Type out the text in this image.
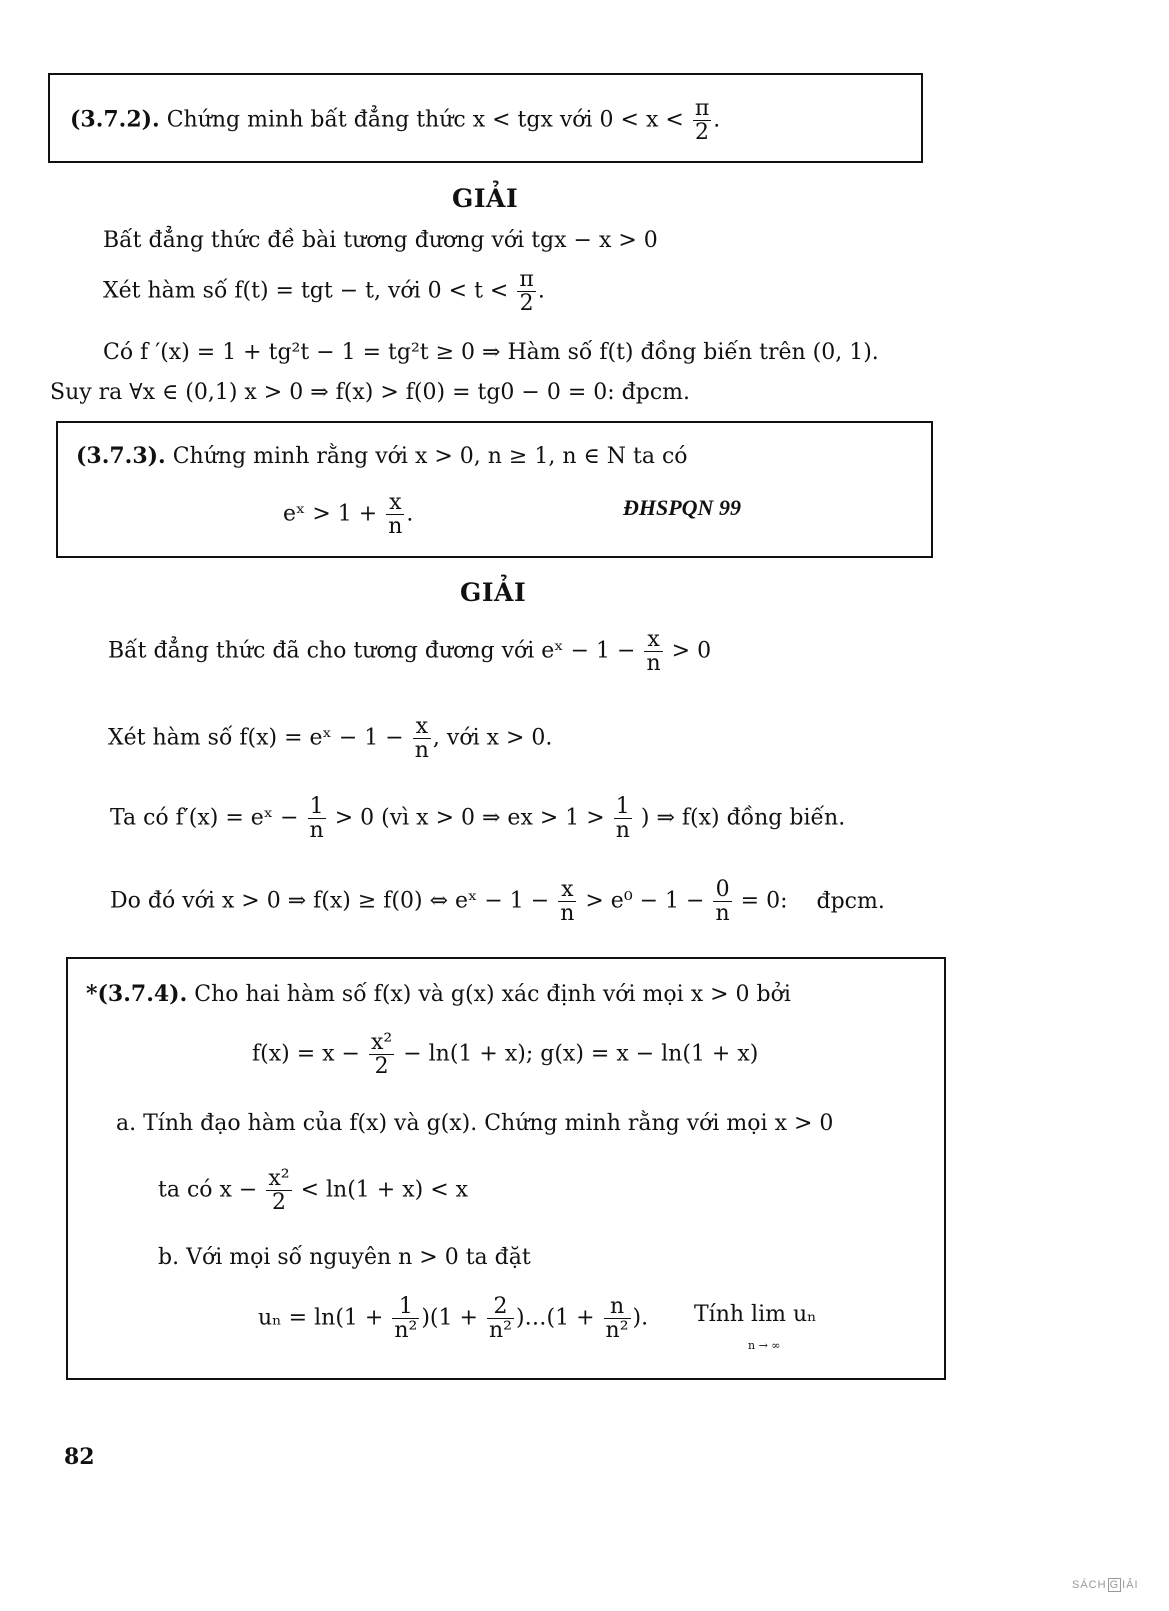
(3.7.2). Chứng minh bất đẳng thức x < tgx với $0 < x < \frac{\pi}{2}$ .
GIẢI
Bất đẳng thức đề bài tương đương với tgx − x > 0
Xét hàm số f(t) = tgt − t, với $0 < t < \frac{\pi}{2}$ .
Có f ′(x) = 1 + tg²t − 1 = tg²t ≥ 0 ⇒ Hàm số f(t) đồng biến trên (0, 1).
Suy ra ∀x ∈ (0,1) x > 0 ⇒ f(x) > f(0) = tg0 − 0 = 0: đpcm.
(3.7.3). Chứng minh rằng với x > 0, n ≥ 1, n ∈ N ta có
eˣ > $1 + \frac{x}{n}$ .	ĐHSPQN 99
GIẢI
Bất đẳng thức đã cho tương đương với eˣ − $1 - \frac{x}{n} > 0$
Xét hàm số f(x) = eˣ − $1 - \frac{x}{n}$ , với x > 0.
Ta có f′(x) = eˣ − $\frac{1}{n} > 0$ (vì x > 0 ⇒ ex > $1 > \frac{1}{n}$ ) ⇒ f(x) đồng biến.
Do đó với x > 0 ⇒ f(x) ≥ f(0) ⇔ eˣ − $1 - \frac{x}{n} > e^0 - 1 - \frac{0}{n} = 0$: đpcm.
*(3.7.4). Cho hai hàm số f(x) và g(x) xác định với mọi x > 0 bởi
$f(x) = x - \frac{\text{x²}}{2} - \ln(1 + x)$; g(x) = x − ln(1 + x)
a. Tính đạo hàm của f(x) và g(x). Chứng minh rằng với mọi x > 0
ta có $x - \frac{\text{x²}}{2} < \ln(1 + x) < x$
b. Với mọi số nguyên n > 0 ta đặt
$u_n = \ln(1 + \frac{1}{\text{n²}} )(1 + \frac{2}{\text{n²}}$ )…(1 + $\frac{n}{\text{n²}}$ ). Tính lim uₙ
n → ∞
82
SÁCH G IẢI
